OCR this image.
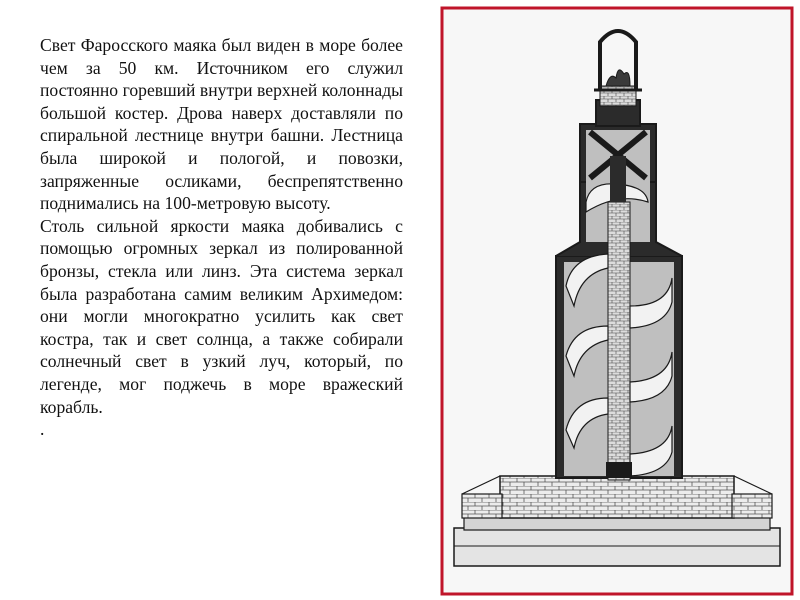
Свет Фаросского маяка был виден в море более чем за 50 км. Источником его служил постоянно горевший внутри верхней колоннады большой костер. Дрова наверх доставляли по спиральной лестнице внутри башни. Лестница была широкой и пологой, и повозки, запряженные осликами, беспрепятственно поднимались на 100-метровую высоту.

Столь сильной яркости маяка добивались с помощью огромных зеркал из полированной бронзы, стекла или линз. Эта система зеркал была разработана самим великим Архимедом: они могли многократно усилить как свет костра, так и свет солнца, а также собирали солнечный свет в узкий луч, который, по легенде, мог поджечь в море вражеский корабль.

.
